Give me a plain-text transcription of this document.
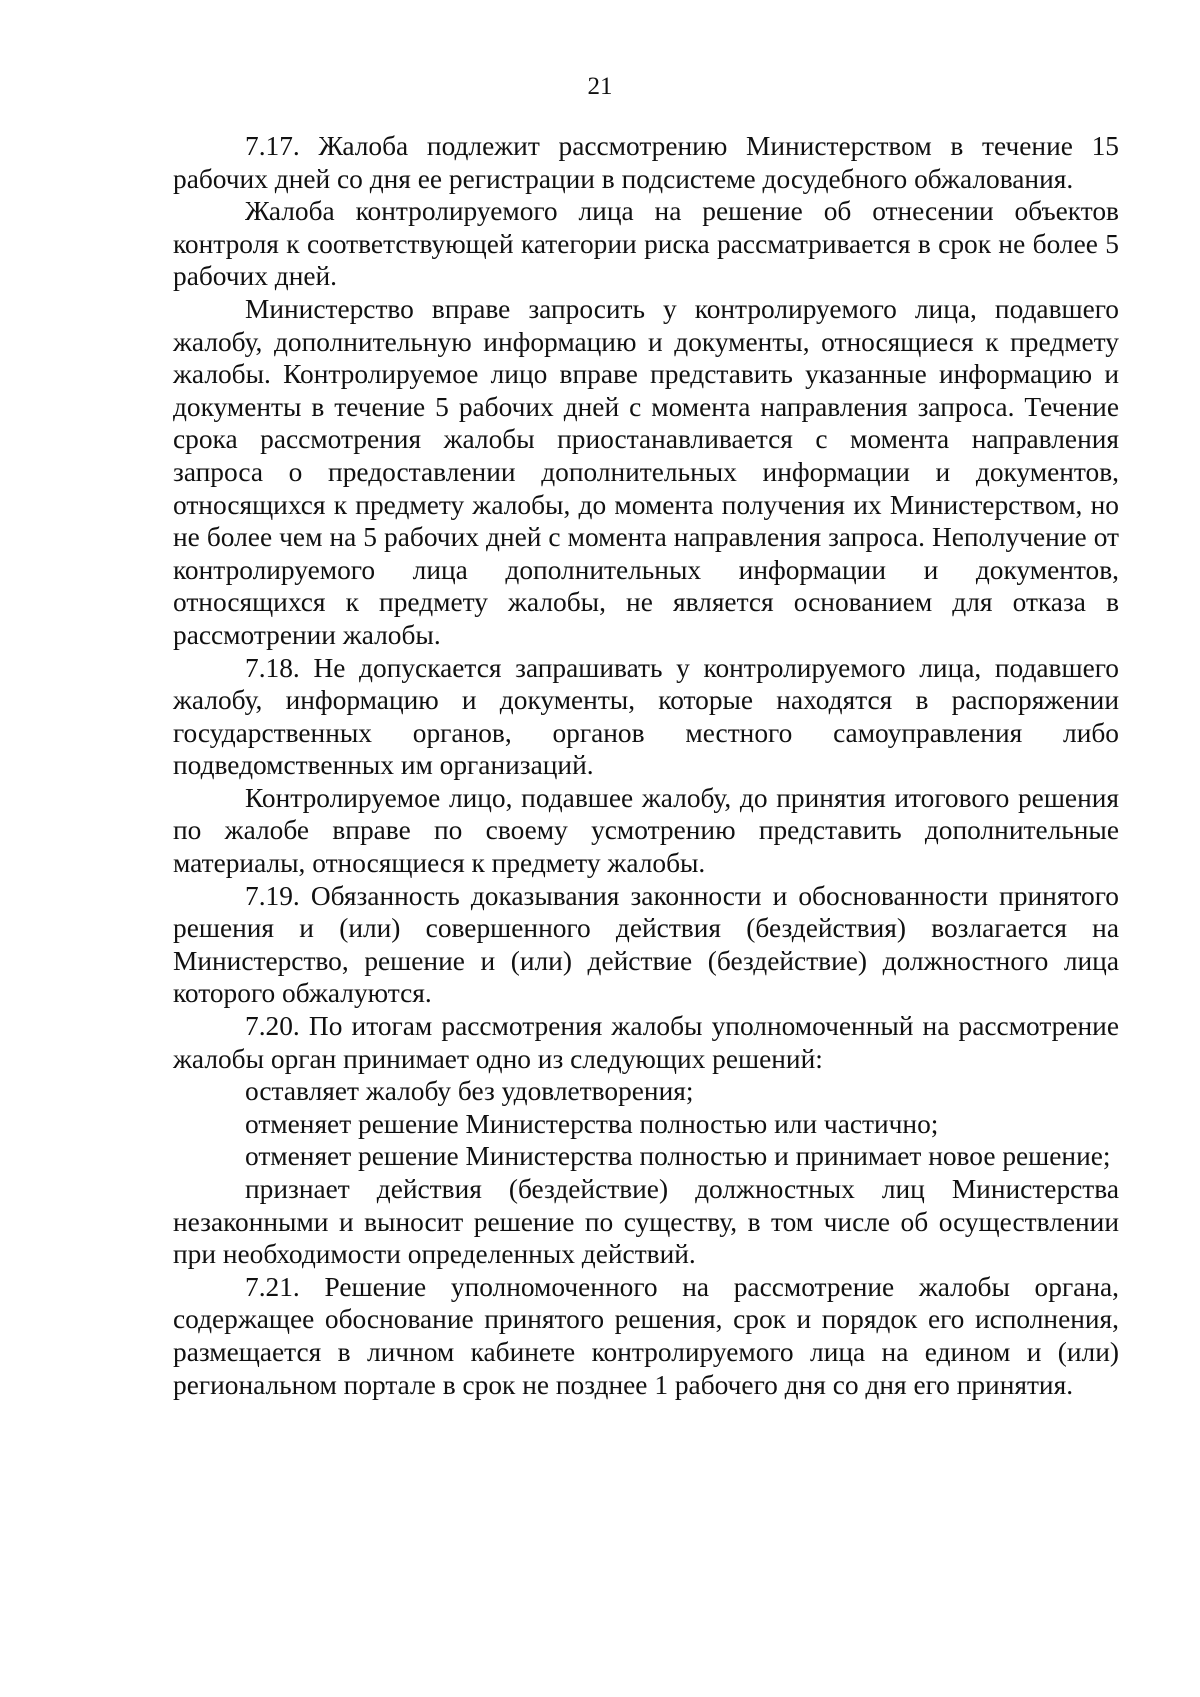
21

7.17. Жалоба подлежит рассмотрению Министерством в течение 15 рабочих дней со дня ее регистрации в подсистеме досудебного обжалования.

Жалоба контролируемого лица на решение об отнесении объектов контроля к соответствующей категории риска рассматривается в срок не более 5 рабочих дней.

Министерство вправе запросить у контролируемого лица, подавшего жалобу, дополнительную информацию и документы, относящиеся к предмету жалобы. Контролируемое лицо вправе представить указанные информацию и документы в течение 5 рабочих дней с момента направления запроса. Течение срока рассмотрения жалобы приостанавливается с момента направления запроса о предоставлении дополнительных информации и документов, относящихся к предмету жалобы, до момента получения их Министерством, но не более чем на 5 рабочих дней с момента направления запроса. Неполучение от контролируемого лица дополнительных информации и документов, относящихся к предмету жалобы, не является основанием для отказа в рассмотрении жалобы.

7.18. Не допускается запрашивать у контролируемого лица, подавшего жалобу, информацию и документы, которые находятся в распоряжении государственных органов, органов местного самоуправления либо подведомственных им организаций.

Контролируемое лицо, подавшее жалобу, до принятия итогового решения по жалобе вправе по своему усмотрению представить дополнительные материалы, относящиеся к предмету жалобы.

7.19. Обязанность доказывания законности и обоснованности принятого решения и (или) совершенного действия (бездействия) возлагается на Министерство, решение и (или) действие (бездействие) должностного лица которого обжалуются.

7.20. По итогам рассмотрения жалобы уполномоченный на рассмотрение жалобы орган принимает одно из следующих решений:

оставляет жалобу без удовлетворения;

отменяет решение Министерства полностью или частично;

отменяет решение Министерства полностью и принимает новое решение;

признает действия (бездействие) должностных лиц Министерства незаконными и выносит решение по существу, в том числе об осуществлении при необходимости определенных действий.

7.21. Решение уполномоченного на рассмотрение жалобы органа, содержащее обоснование принятого решения, срок и порядок его исполнения, размещается в личном кабинете контролируемого лица на едином и (или) региональном портале в срок не позднее 1 рабочего дня со дня его принятия.
